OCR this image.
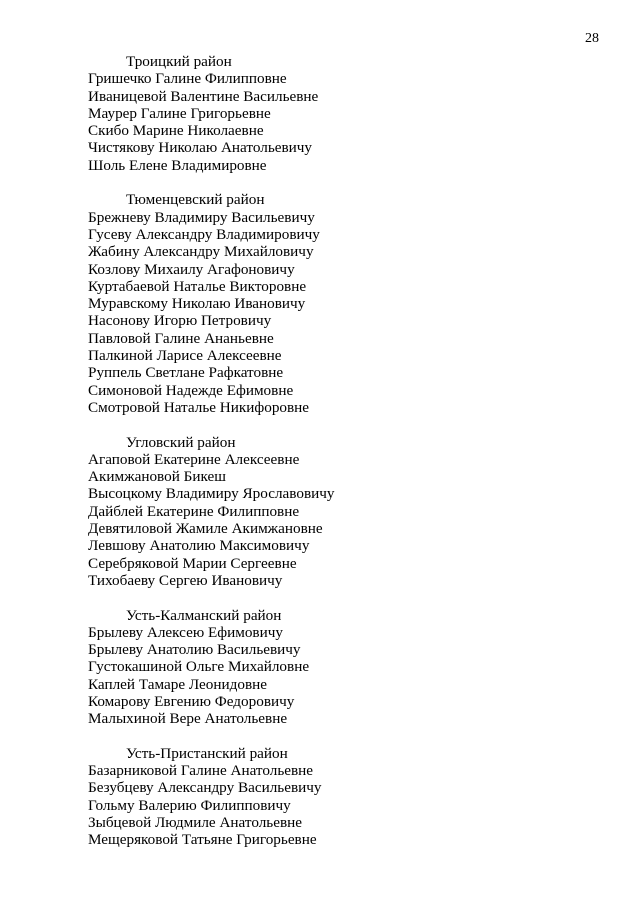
28
Троицкий район
Гришечко Галине Филипповне
Иваницевой Валентине Васильевне
Маурер Галине Григорьевне
Скибо Марине Николаевне
Чистякову Николаю Анатольевичу
Шоль Елене Владимировне
Тюменцевский район
Брежневу Владимиру Васильевичу
Гусеву Александру Владимировичу
Жабину Александру Михайловичу
Козлову Михаилу Агафоновичу
Куртабаевой Наталье Викторовне
Муравскому Николаю Ивановичу
Насонову Игорю Петровичу
Павловой Галине Ананьевне
Палкиной Ларисе Алексеевне
Руппель Светлане Рафкатовне
Симоновой Надежде Ефимовне
Смотровой Наталье Никифоровне
Угловский район
Агаповой Екатерине Алексеевне
Акимжановой Бикеш
Высоцкому Владимиру Ярославовичу
Дайблей Екатерине Филипповне
Девятиловой Жамиле Акимжановне
Левшову Анатолию Максимовичу
Серебряковой Марии Сергеевне
Тихобаеву Сергею Ивановичу
Усть-Калманский район
Брылеву Алексею Ефимовичу
Брылеву Анатолию Васильевичу
Густокашиной Ольге Михайловне
Каплей Тамаре Леонидовне
Комарову Евгению Федоровичу
Малыхиной Вере Анатольевне
Усть-Пристанский район
Базарниковой Галине Анатольевне
Безубцеву Александру Васильевичу
Гольму Валерию Филипповичу
Зыбцевой Людмиле Анатольевне
Мещеряковой Татьяне Григорьевне
